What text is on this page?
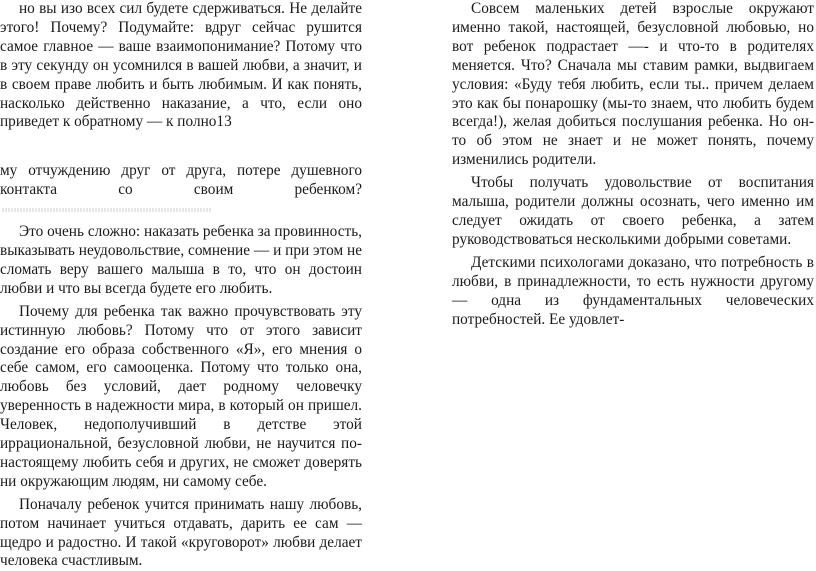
но вы изо всех сил будете сдерживаться. Не делайте этого! Почему? Подумайте: вдруг сейчас рушится самое главное — ваше взаимопонимание? Потому что в эту секунду он усомнился в вашей любви, а значит, и в своем праве любить и быть любимым. И как понять, насколько действенно наказание, а что, если оно приведет к обратному — к полно13

му отчуждению друг от друга, потере душевного контакта со своим ребенком?

Это очень сложно: наказать ребенка за провинность, выказывать неудовольствие, сомнение — и при этом не сломать веру вашего малыша в то, что он достоин любви и что вы всегда будете его любить.

Почему для ребенка так важно прочувствовать эту истинную любовь? Потому что от этого зависит создание его образа собственного «Я», его мнения о себе самом, его самооценка. Потому что только она, любовь без условий, дает родному человечку уверенность в надежности мира, в который он пришел. Человек, недополучивший в детстве этой иррациональной, безусловной любви, не научится по-настоящему любить себя и других, не сможет доверять ни окружающим людям, ни самому себе.

Поначалу ребенок учится принимать нашу любовь, потом начинает учиться отдавать, дарить ее сам — щедро и радостно. И такой «круговорот» любви делает человека счастливым.

Совсем маленьких детей взрослые окружают именно такой, настоящей, безусловной любовью, но вот ребенок подрастает —- и что-то в родителях меняется. Что? Сначала мы ставим рамки, выдвигаем условия: «Буду тебя любить, если ты.. причем делаем это как бы понарошку (мы-то знаем, что любить будем всегда!), желая добиться послушания ребенка. Но он-то об этом не знает и не может понять, почему изменились родители.

Чтобы получать удовольствие от воспитания малыша, родители должны осознать, чего именно им следует ожидать от своего ребенка, а затем руководствоваться несколькими добрыми советами.

Детскими психологами доказано, что потребность в любви, в принадлежности, то есть нужности другому — одна из фундаментальных человеческих потребностей. Ее удовлет-
